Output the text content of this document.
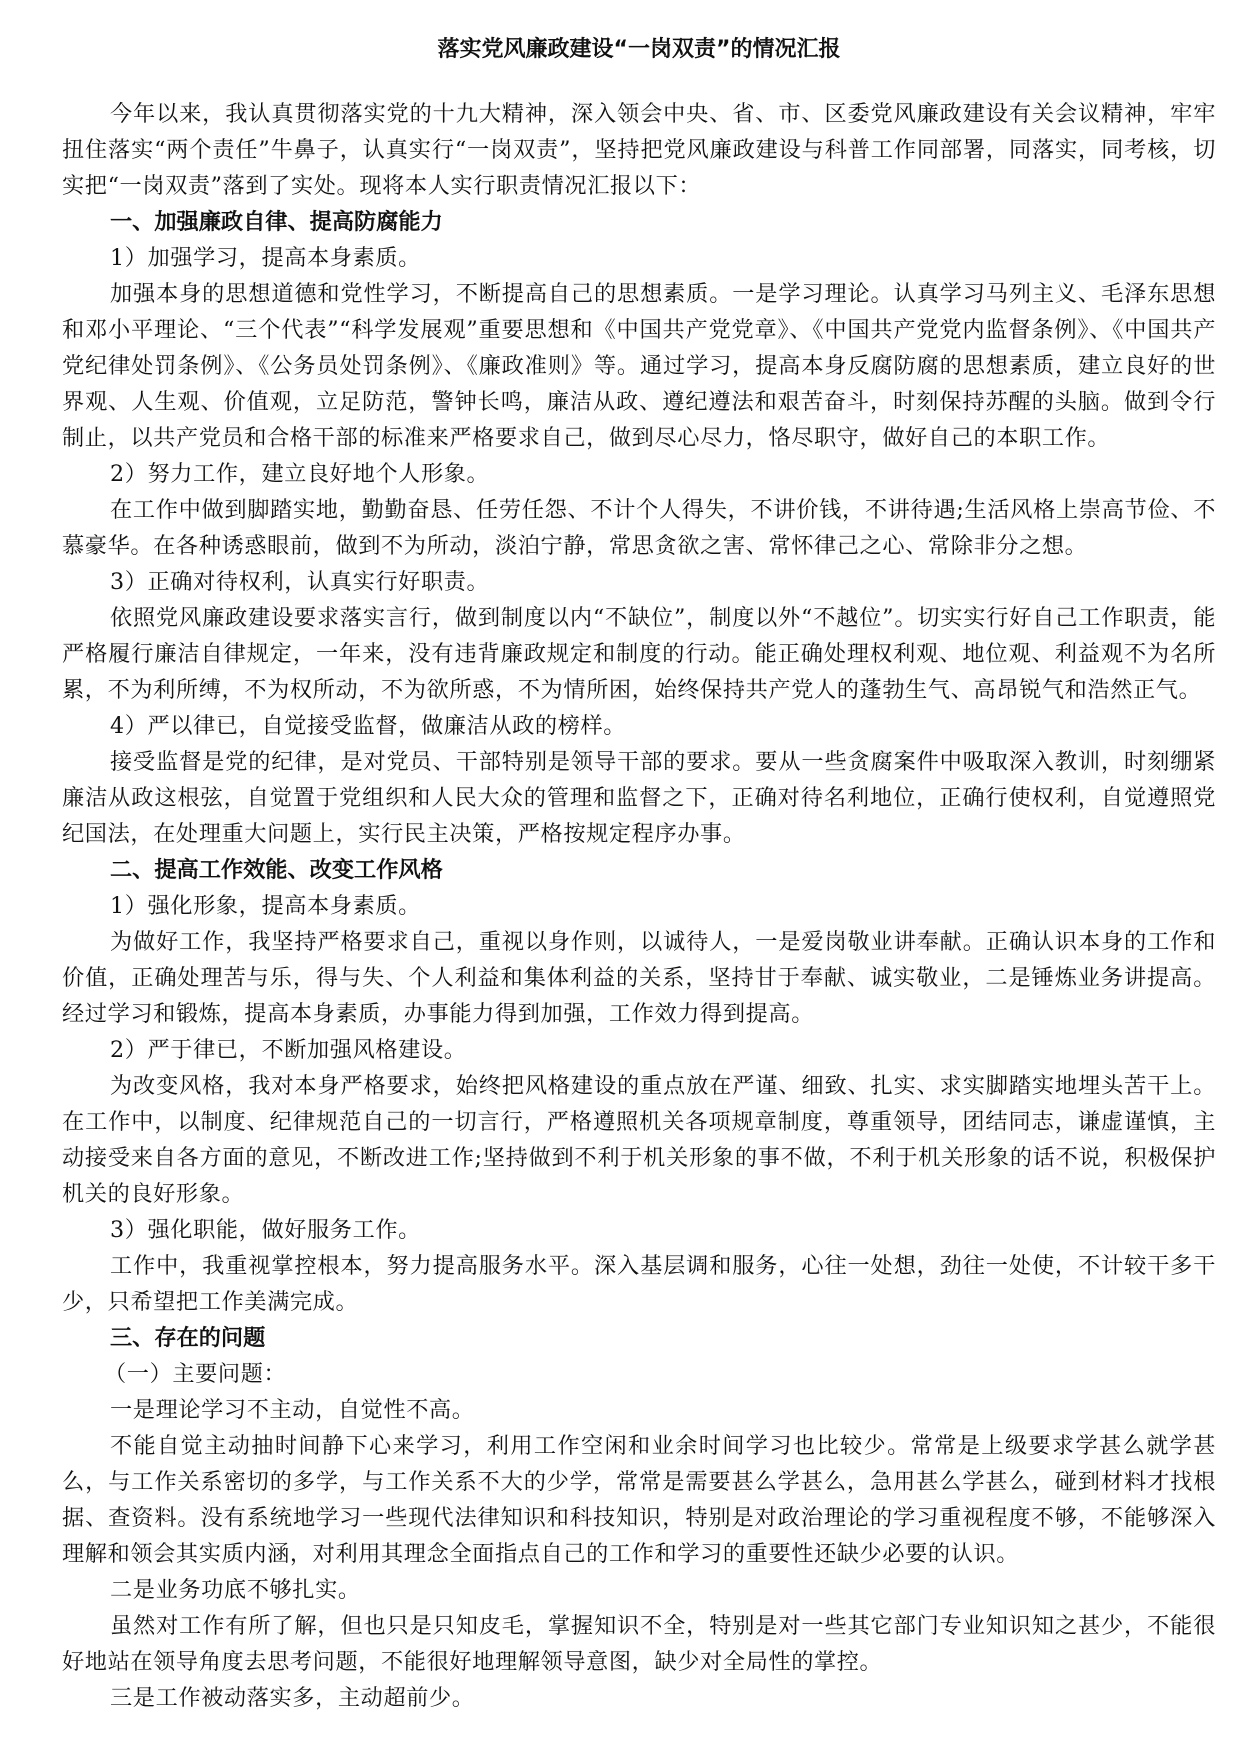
落实党风廉政建设“一岗双责”的情况汇报

今年以来，我认真贯彻落实党的十九大精神，深入领会中央、省、市、区委党风廉政建设有关会议精神，牢牢扭住落实“两个责任”牛鼻子，认真实行“一岗双责”，坚持把党风廉政建设与科普工作同部署，同落实，同考核，切实把“一岗双责”落到了实处。现将本人实行职责情况汇报以下：

一、加强廉政自律、提高防腐能力

1）加强学习，提高本身素质。

加强本身的思想道德和党性学习，不断提高自己的思想素质。一是学习理论。认真学习马列主义、毛泽东思想和邓小平理论、“三个代表”“科学发展观”重要思想和《中国共产党党章》、《中国共产党党内监督条例》、《中国共产党纪律处罚条例》、《公务员处罚条例》、《廉政准则》等。通过学习，提高本身反腐防腐的思想素质，建立良好的世界观、人生观、价值观，立足防范，警钟长鸣，廉洁从政、遵纪遵法和艰苦奋斗，时刻保持苏醒的头脑。做到令行制止，以共产党员和合格干部的标准来严格要求自己，做到尽心尽力，恪尽职守，做好自己的本职工作。

2）努力工作，建立良好地个人形象。

在工作中做到脚踏实地，勤勤奋恳、任劳任怨、不计个人得失，不讲价钱，不讲待遇;生活风格上崇高节俭、不慕豪华。在各种诱惑眼前，做到不为所动，淡泊宁静，常思贪欲之害、常怀律己之心、常除非分之想。

3）正确对待权利，认真实行好职责。

依照党风廉政建设要求落实言行，做到制度以内“不缺位”，制度以外“不越位”。切实实行好自己工作职责，能严格履行廉洁自律规定，一年来，没有违背廉政规定和制度的行动。能正确处理权利观、地位观、利益观不为名所累，不为利所缚，不为权所动，不为欲所惑，不为情所困，始终保持共产党人的蓬勃生气、高昂锐气和浩然正气。

4）严以律已，自觉接受监督，做廉洁从政的榜样。

接受监督是党的纪律，是对党员、干部特别是领导干部的要求。要从一些贪腐案件中吸取深入教训，时刻绷紧廉洁从政这根弦，自觉置于党组织和人民大众的管理和监督之下，正确对待名利地位，正确行使权利，自觉遵照党纪国法，在处理重大问题上，实行民主决策，严格按规定程序办事。

二、提高工作效能、改变工作风格

1）强化形象，提高本身素质。

为做好工作，我坚持严格要求自己，重视以身作则，以诚待人，一是爱岗敬业讲奉献。正确认识本身的工作和价值，正确处理苦与乐，得与失、个人利益和集体利益的关系，坚持甘于奉献、诚实敬业，二是锤炼业务讲提高。经过学习和锻炼，提高本身素质，办事能力得到加强，工作效力得到提高。

2）严于律已，不断加强风格建设。

为改变风格，我对本身严格要求，始终把风格建设的重点放在严谨、细致、扎实、求实脚踏实地埋头苦干上。在工作中，以制度、纪律规范自己的一切言行，严格遵照机关各项规章制度，尊重领导，团结同志，谦虚谨慎，主动接受来自各方面的意见，不断改进工作;坚持做到不利于机关形象的事不做，不利于机关形象的话不说，积极保护机关的良好形象。

3）强化职能，做好服务工作。

工作中，我重视掌控根本，努力提高服务水平。深入基层调和服务，心往一处想，劲往一处使，不计较干多干少，只希望把工作美满完成。

三、存在的问题

（一）主要问题：

一是理论学习不主动，自觉性不高。

不能自觉主动抽时间静下心来学习，利用工作空闲和业余时间学习也比较少。常常是上级要求学甚么就学甚么，与工作关系密切的多学，与工作关系不大的少学，常常是需要甚么学甚么，急用甚么学甚么，碰到材料才找根据、查资料。没有系统地学习一些现代法律知识和科技知识，特别是对政治理论的学习重视程度不够，不能够深入理解和领会其实质内涵，对利用其理念全面指点自己的工作和学习的重要性还缺少必要的认识。

二是业务功底不够扎实。

虽然对工作有所了解，但也只是只知皮毛，掌握知识不全，特别是对一些其它部门专业知识知之甚少，不能很好地站在领导角度去思考问题，不能很好地理解领导意图，缺少对全局性的掌控。

三是工作被动落实多，主动超前少。
